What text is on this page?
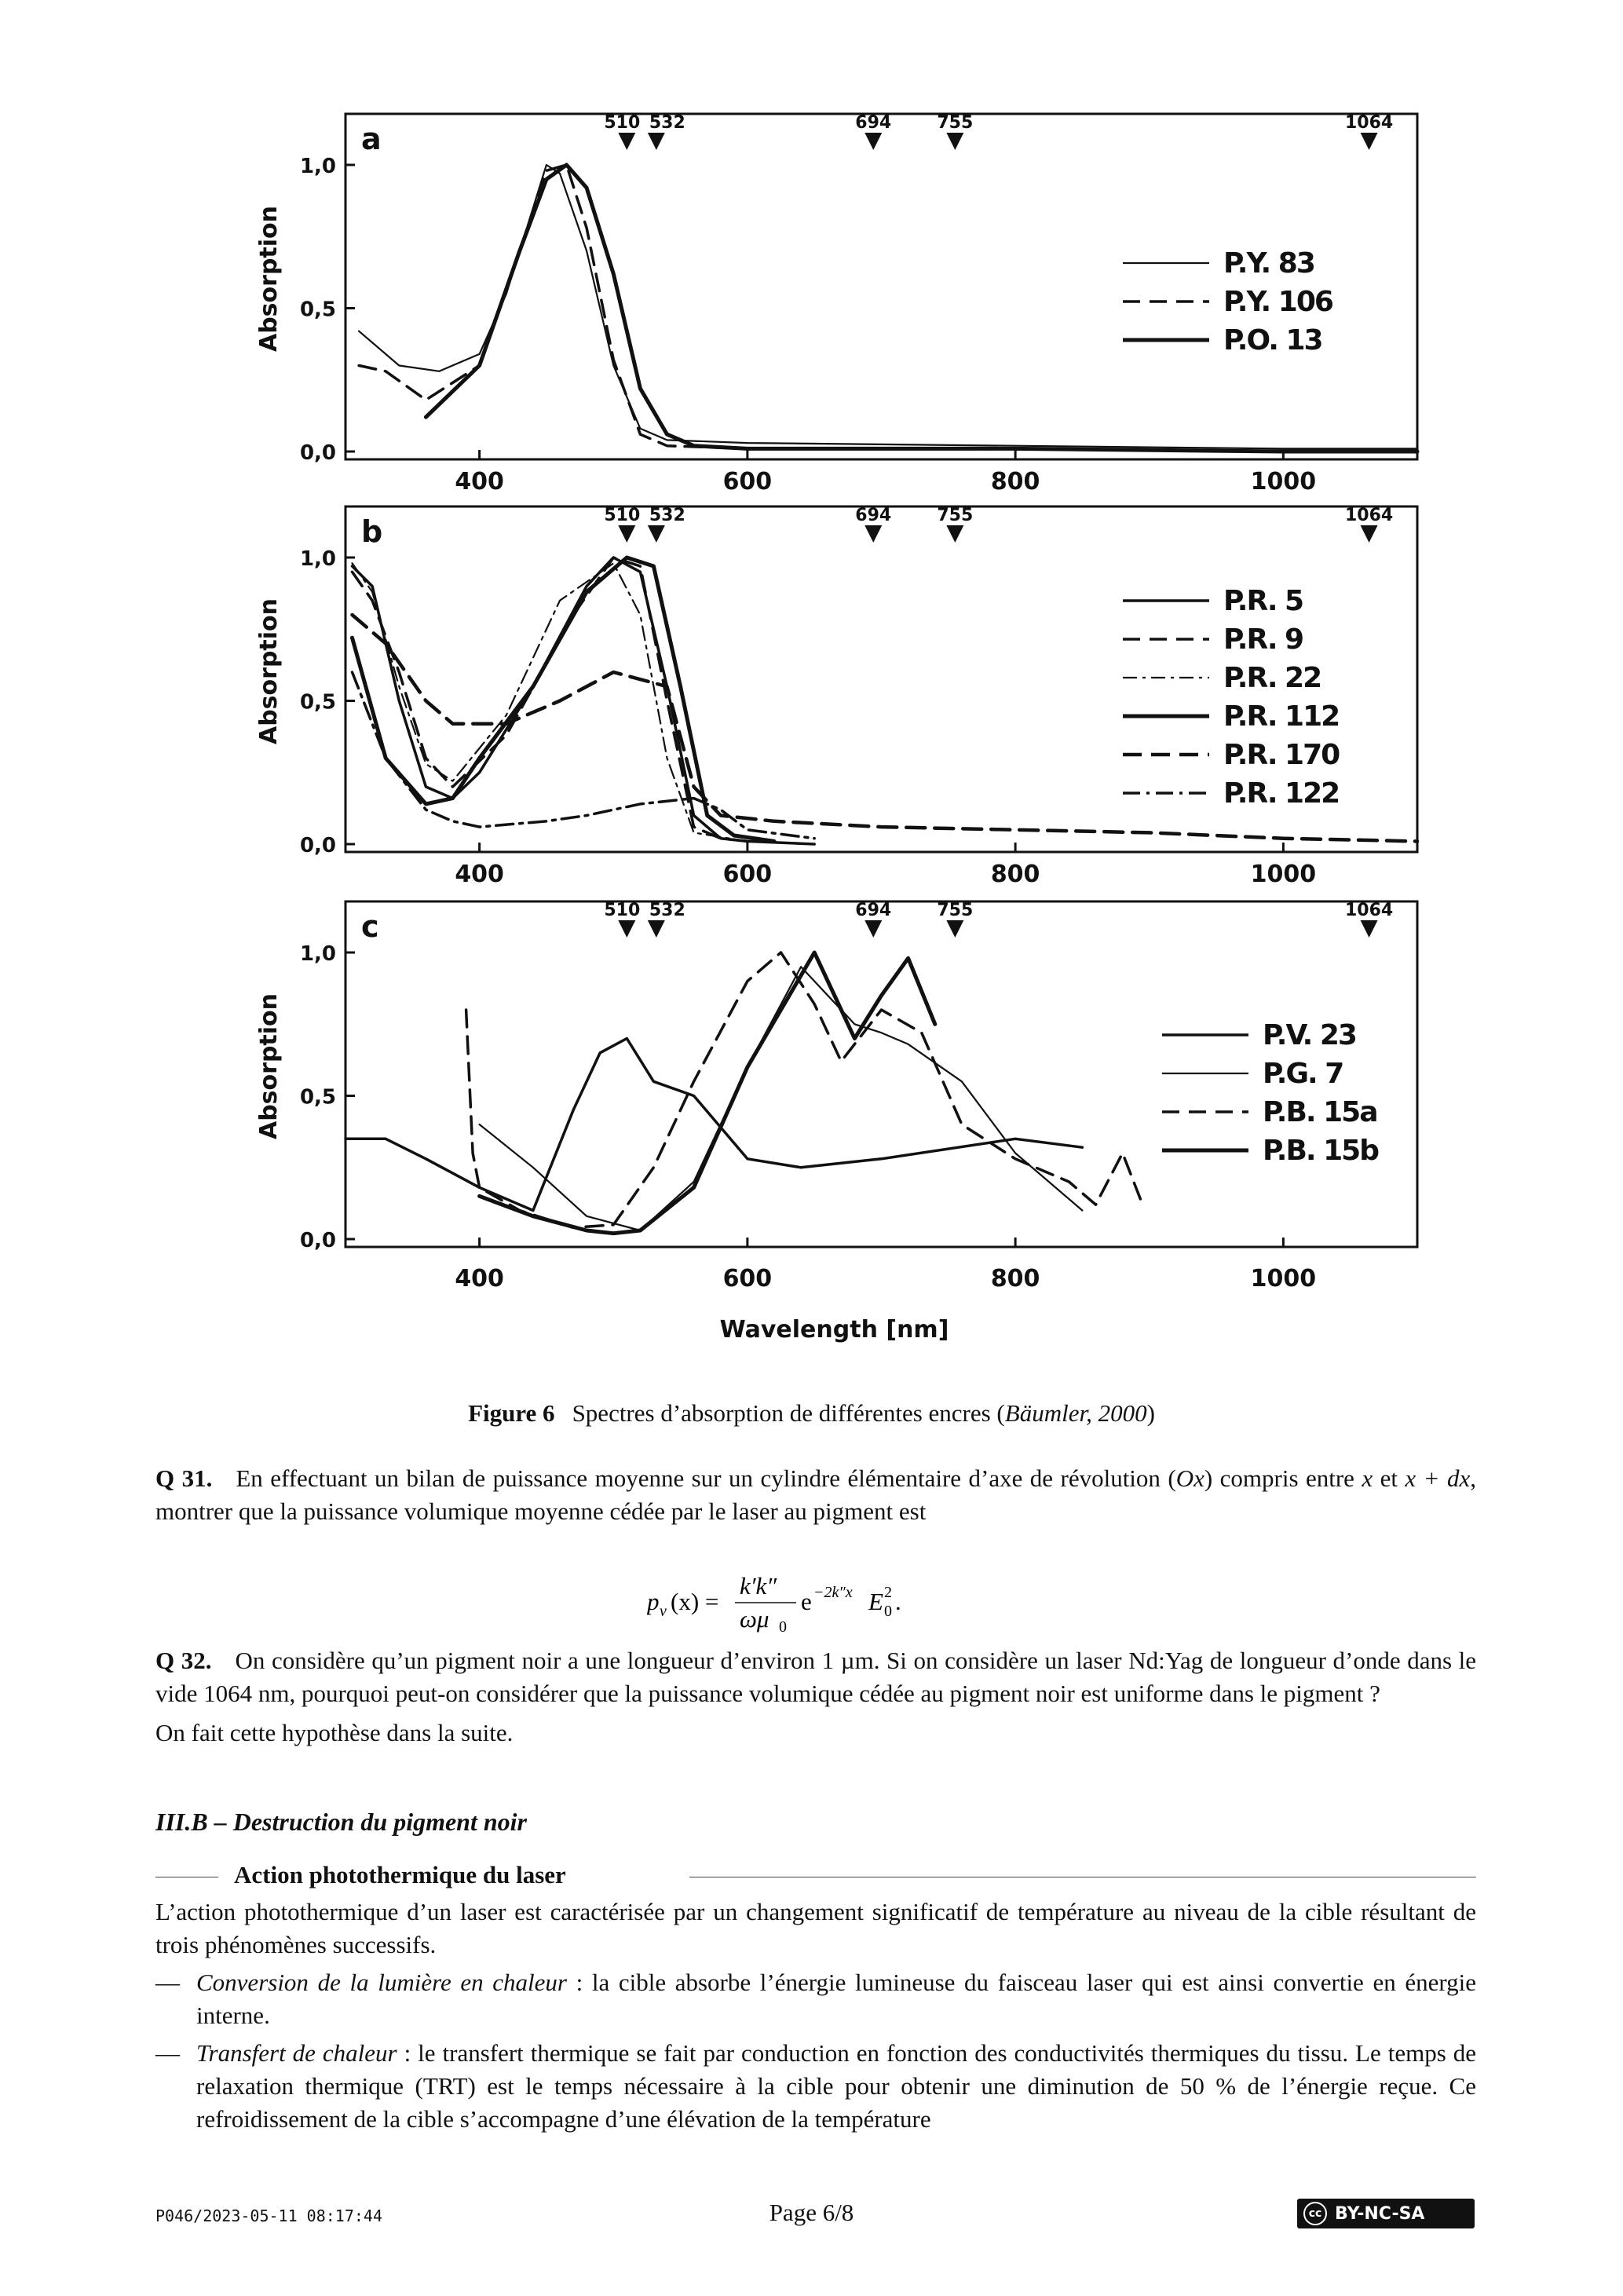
a
0,0
0,5
1,0
400	600	800	1000
Absorption
510 532	694	755	1064
P.Y. 83
P.Y. 106
P.O. 13
b
0,0
0,5
1,0
400	600	800	1000
Absorption
510 532	694	755	1064
P.R. 5
P.R. 9
P.R. 22
P.R. 112
P.R. 170
P.R. 122
c
0,0
0,5
1,0
400	600	800	1000
Absorption
510 532	694	755	1064
P.V. 23
P.G. 7
P.B. 15a
P.B. 15b
Wavelength [nm]
Figure 6 Spectres d’absorption de différentes encres (Bäumler, 2000)

Q 31. En effectuant un bilan de puissance moyenne sur un cylindre élémentaire d’axe de révolution (Ox) compris entre x et x + dx, montrer que la puissance volumique moyenne cédée par le laser au pigment est

p v (x) =
k′k″
ωμ 0
e −2k″x E 0
2 .

Q 32. On considère qu’un pigment noir a une longueur d’environ 1 µm. Si on considère un laser Nd:Yag de longueur d’onde dans le vide 1064 nm, pourquoi peut-on considérer que la puissance volumique cédée au pigment noir est uniforme dans le pigment ?

On fait cette hypothèse dans la suite.

III.B – Destruction du pigment noir
Action photothermique du laser

L’action photothermique d’un laser est caractérisée par un changement significatif de température au niveau de la cible résultant de trois phénomènes successifs.

— Conversion de la lumière en chaleur : la cible absorbe l’énergie lumineuse du faisceau laser qui est ainsi convertie en énergie interne.

— Transfert de chaleur : le transfert thermique se fait par conduction en fonction des conductivités thermiques du tissu. Le temps de relaxation thermique (TRT) est le temps nécessaire à la cible pour obtenir une diminution de 50 % de l’énergie reçue. Ce refroidissement de la cible s’accompagne d’une élévation de la température

P046/2023-05-11 08:17:44	Page 6/8	cc BY-NC-SA
